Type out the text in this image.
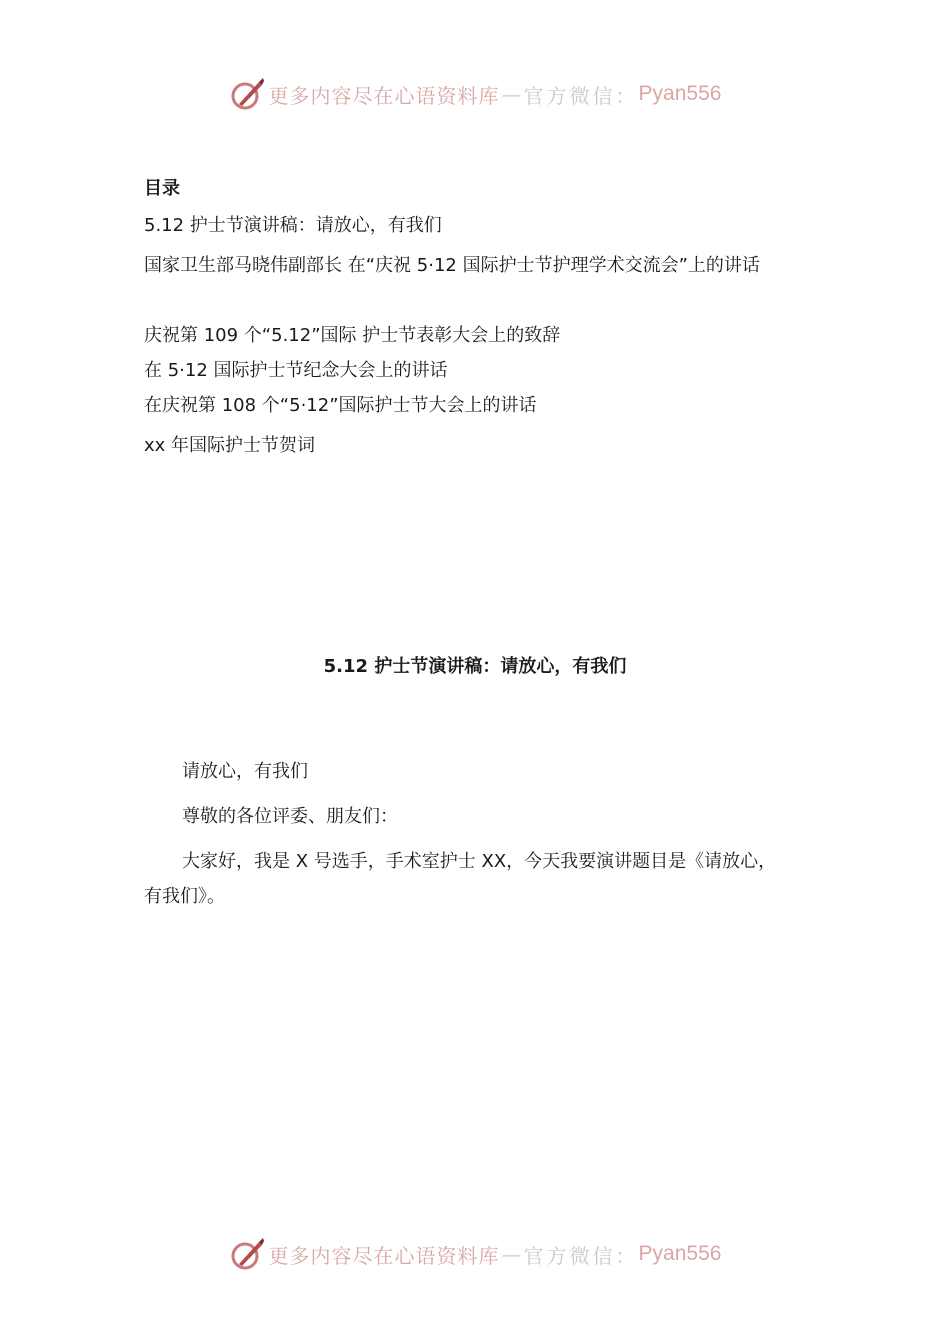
更多内容尽在心语资料库 — 官方微信： Pyan556
目录

5.12 护士节演讲稿：请放心，有我们

国家卫生部马晓伟副部长 在“庆祝 5·12 国际护士节护理学术交流会”上的讲话

庆祝第 109 个“5.12”国际 护士节表彰大会上的致辞

在 5·12 国际护士节纪念大会上的讲话

在庆祝第 108 个“5·12”国际护士节大会上的讲话

xx 年国际护士节贺词

5.12 护士节演讲稿：请放心，有我们

请放心，有我们

尊敬的各位评委、朋友们：

大家好，我是 X 号选手，手术室护士 XX，今天我要演讲题目是《请放心，有我们》。

更多内容尽在心语资料库 — 官方微信： Pyan556
